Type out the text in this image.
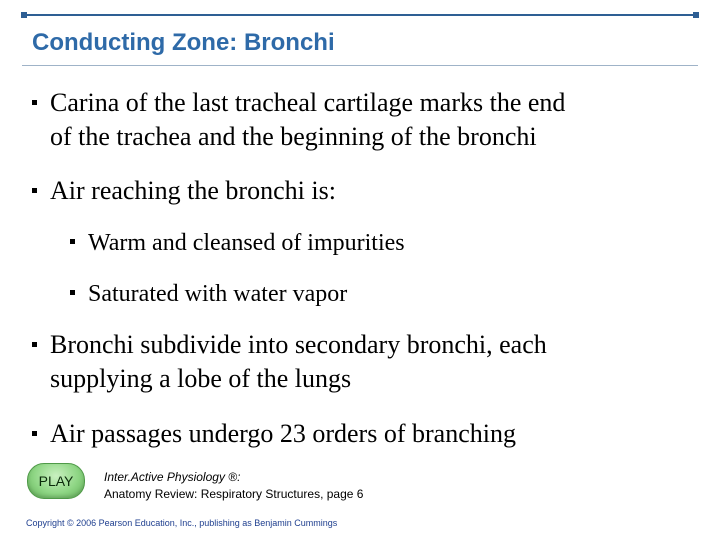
Conducting Zone: Bronchi
Carina of the last tracheal cartilage marks the end
of the trachea and the beginning of the bronchi
Air reaching the bronchi is:
Warm and cleansed of impurities
Saturated with water vapor
Bronchi subdivide into secondary bronchi, each
supplying a lobe of the lungs
Air passages undergo 23 orders of branching
PLAY	Inter.Active Physiology ®:
Anatomy Review: Respiratory Structures, page 6
Copyright © 2006 Pearson Education, Inc., publishing as Benjamin Cummings
